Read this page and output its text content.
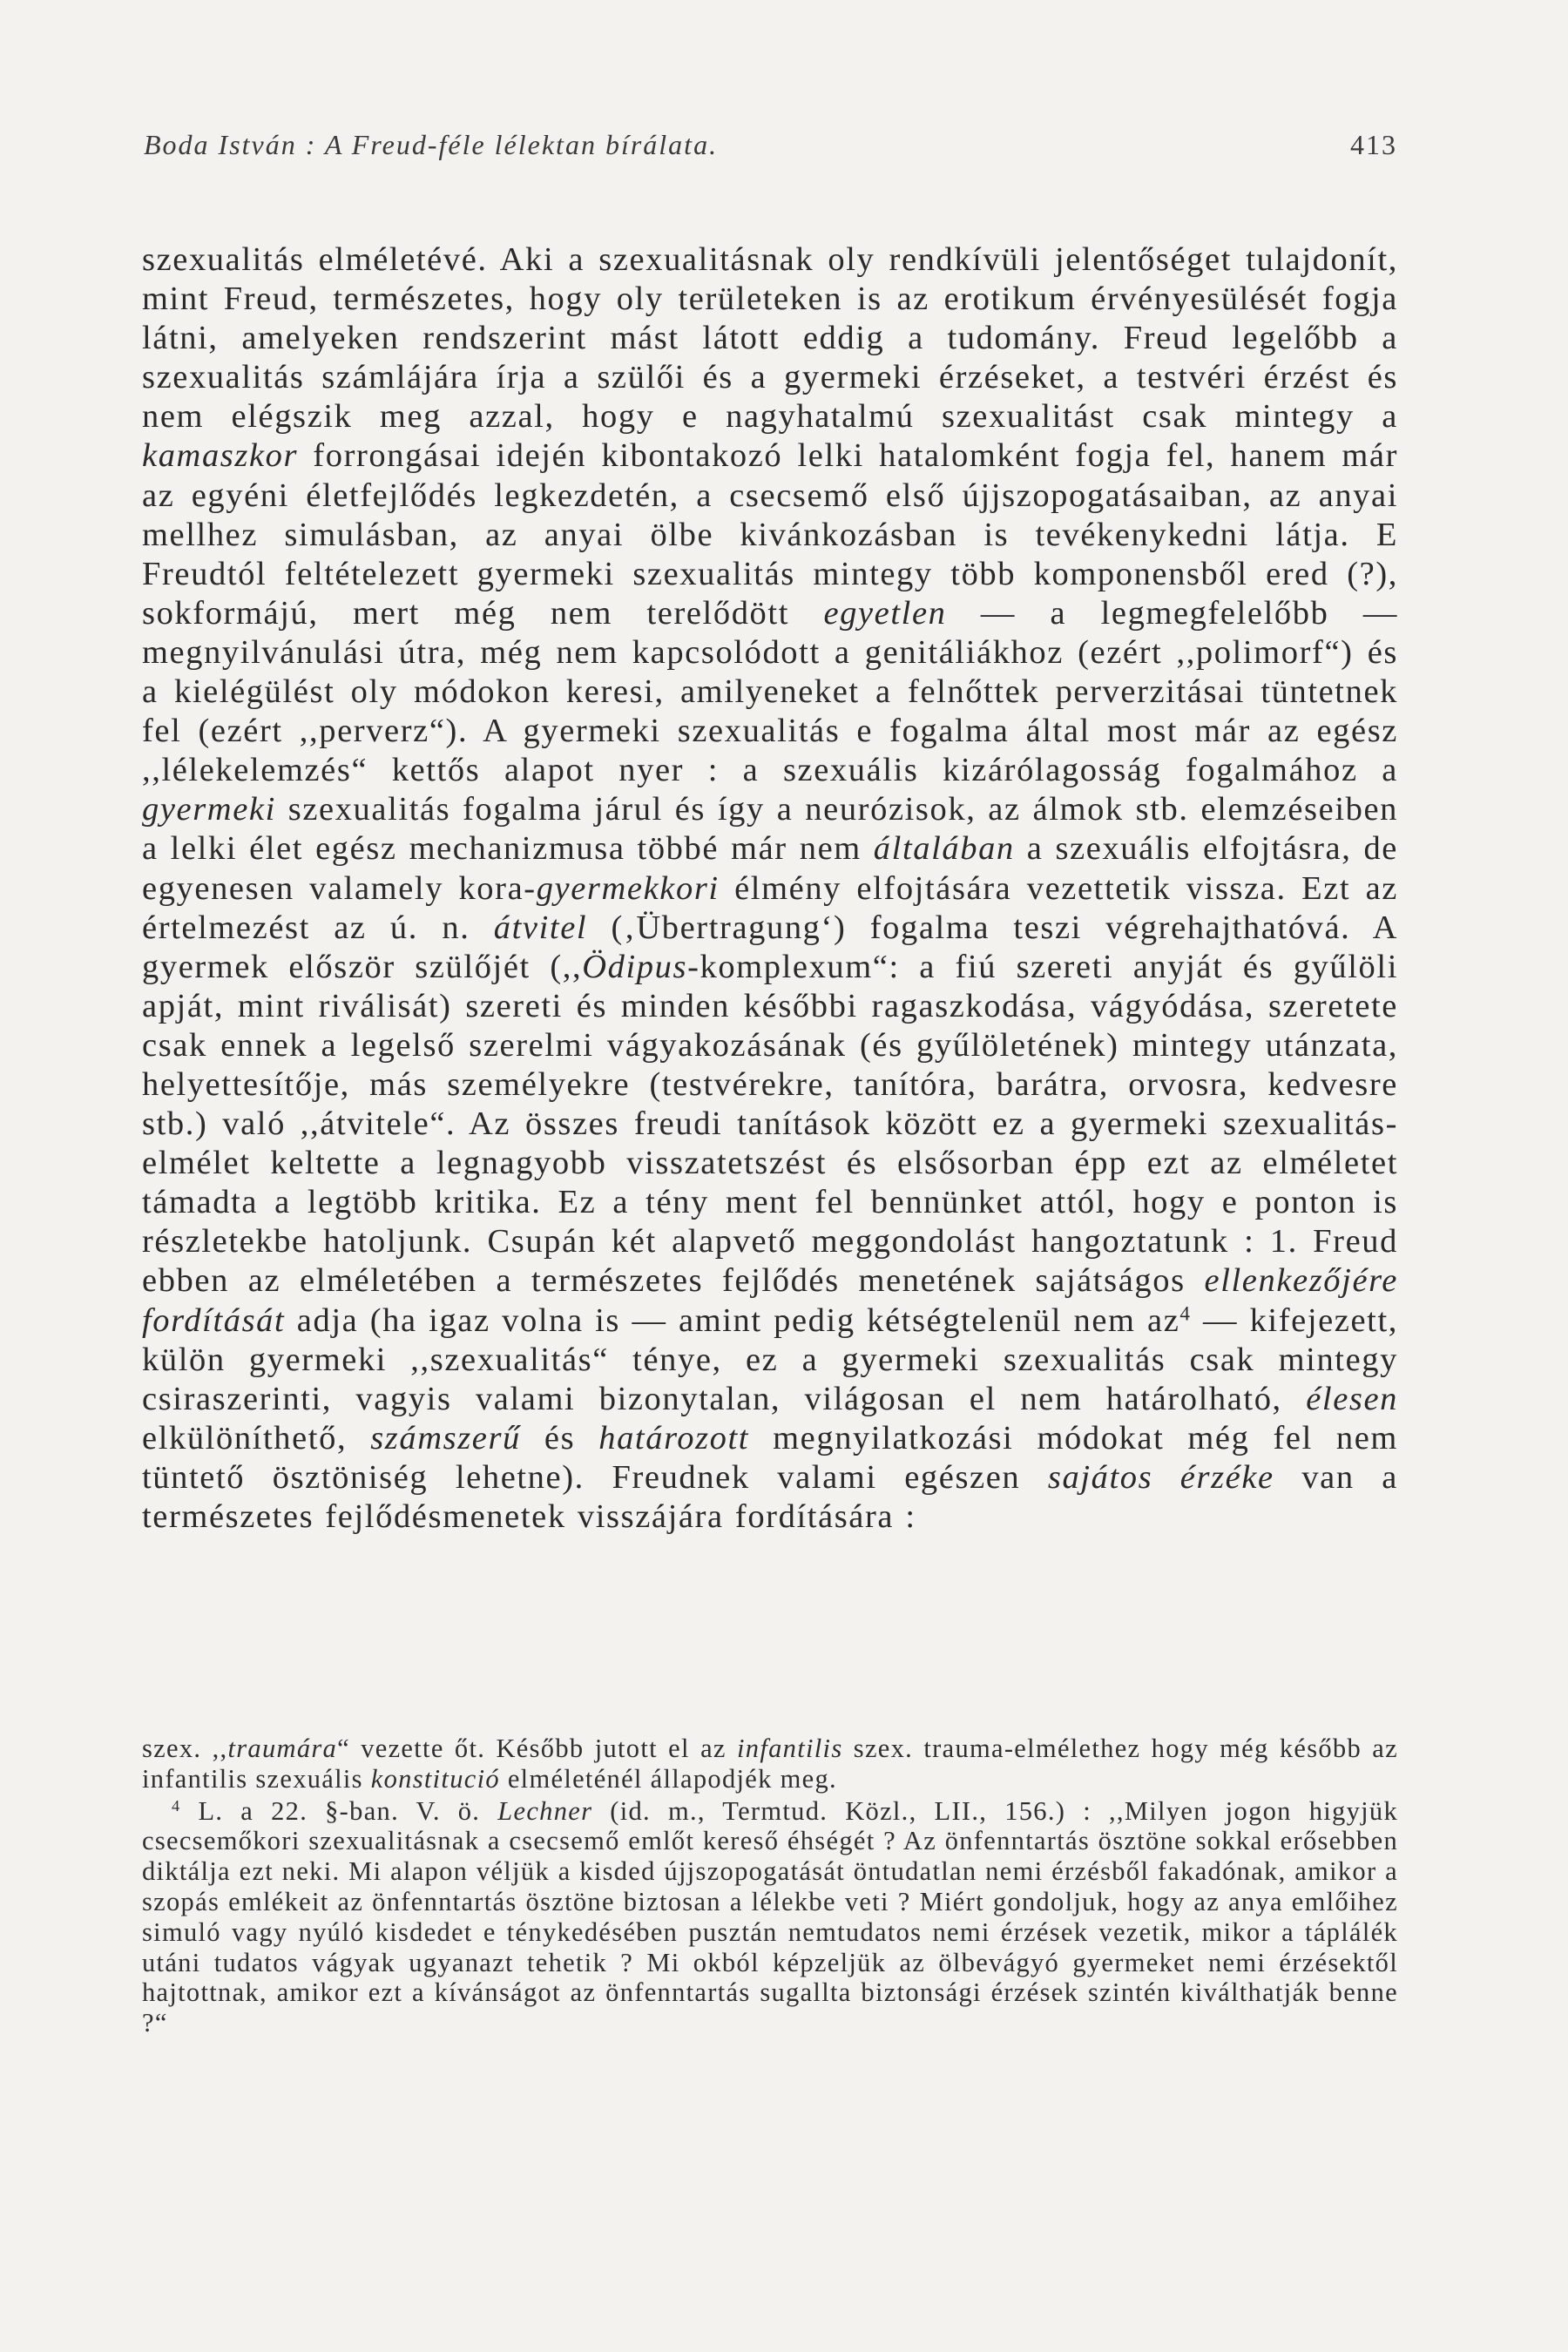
Boda István : A Freud-féle lélektan bírálata.	413

szexualitás elméletévé. Aki a szexualitásnak oly rendkívüli jelentőséget tulajdonít, mint Freud, természetes, hogy oly területeken is az erotikum érvényesülését fogja látni, amelyeken rendszerint mást látott eddig a tudomány. Freud legelőbb a szexualitás számlájára írja a szülői és a gyermeki érzéseket, a testvéri érzést és nem elégszik meg azzal, hogy e nagyhatalmú szexualitást csak mintegy a kamaszkor forrongásai idején kibontakozó lelki hatalomként fogja fel, hanem már az egyéni életfejlődés legkezdetén, a csecsemő első újjszopogatásaiban, az anyai mellhez simulásban, az anyai ölbe kivánkozásban is tevékenykedni látja. E Freudtól feltételezett gyermeki szexualitás mintegy több komponensből ered (?), sokformájú, mert még nem terelődött egyetlen — a legmegfelelőbb — megnyilvánulási útra, még nem kapcsolódott a genitáliákhoz (ezért ,,polimorf“) és a kielégülést oly módokon keresi, amilyeneket a felnőttek perverzitásai tüntetnek fel (ezért ,,perverz“). A gyermeki szexualitás e fogalma által most már az egész ,,lélekelemzés“ kettős alapot nyer : a szexuális kizárólagosság fogalmához a gyermeki szexualitás fogalma járul és így a neurózisok, az álmok stb. elemzéseiben a lelki élet egész mechanizmusa többé már nem általában a szexuális elfojtásra, de egyenesen valamely kora-gyermekkori élmény elfojtására vezettetik vissza. Ezt az értelmezést az ú. n. átvitel (‚Übertragung‘) fogalma teszi végrehajthatóvá. A gyermek először szülőjét (,,Ödipus-komplexum“: a fiú szereti anyját és gyűlöli apját, mint riválisát) szereti és minden későbbi ragaszkodása, vágyódása, szeretete csak ennek a legelső szerelmi vágyakozásának (és gyűlöletének) mintegy utánzata, helyettesítője, más személyekre (testvérekre, tanítóra, barátra, orvosra, kedvesre stb.) való ,,átvitele“. Az összes freudi tanítások között ez a gyermeki szexualitás-elmélet keltette a legnagyobb visszatetszést és elsősorban épp ezt az elméletet támadta a legtöbb kritika. Ez a tény ment fel bennünket attól, hogy e ponton is részletekbe hatoljunk. Csupán két alapvető meggondolást hangoztatunk : 1. Freud ebben az elméletében a természetes fejlődés menetének sajátságos ellenkezőjére fordítását adja (ha igaz volna is — amint pedig kétségtelenül nem $az^4$ — kifejezett, külön gyermeki ,,szexualitás“ ténye, ez a gyermeki szexualitás csak mintegy csiraszerinti, vagyis valami bizonytalan, világosan el nem határolható, élesen elkülöníthető, számszerű és határozott megnyilatkozási módokat még fel nem tüntető ösztöniség lehetne). Freudnek valami egészen sajátos érzéke van a természetes fejlődésmenetek visszájára fordítására :

szex. ,,traumára“ vezette őt. Később jutott el az infantilis szex. trauma-elmélethez hogy még később az infantilis szexuális konstitució elméleténél állapodjék meg.

$^4$ L. a 22. §-ban. V. ö. Lechner (id. m., Termtud. Közl., LII., 156.) : ,,Milyen jogon higyjük csecsemőkori szexualitásnak a csecsemő emlőt kereső éhségét ? Az önfenntartás ösztöne sokkal erősebben diktálja ezt neki. Mi alapon véljük a kisded újjszopogatását öntudatlan nemi érzésből fakadónak, amikor a szopás emlékeit az önfenntartás ösztöne biztosan a lélekbe veti ? Miért gondoljuk, hogy az anya emlőihez simuló vagy nyúló kisdedet e ténykedésében pusztán nemtudatos nemi érzések vezetik, mikor a táplálék utáni tudatos vágyak ugyanazt tehetik ? Mi okból képzeljük az ölbevágyó gyermeket nemi érzésektől hajtottnak, amikor ezt a kívánságot az önfenntartás sugallta biztonsági érzések szintén kiválthatják benne ?“
